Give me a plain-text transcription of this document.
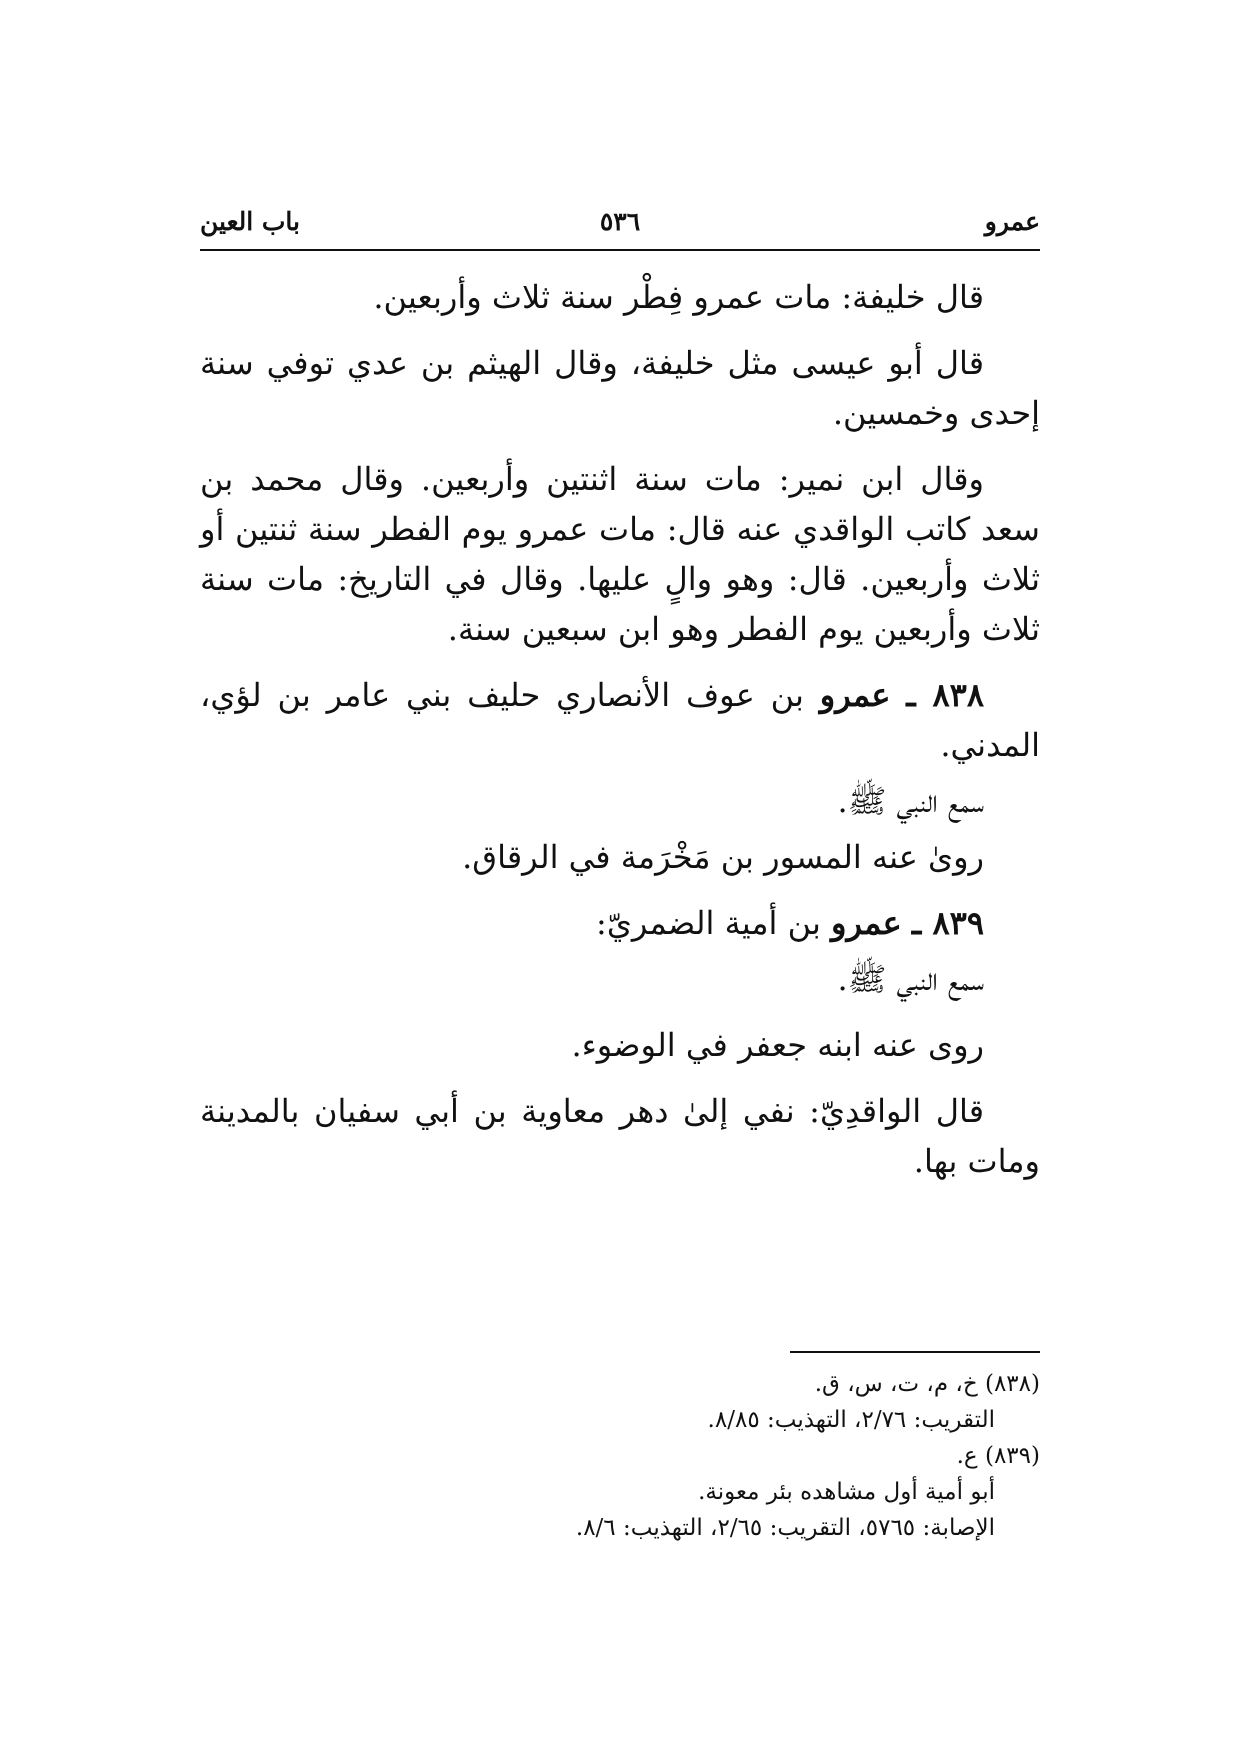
عمرو
٥٣٦
باب العين

قال خليفة: مات عمرو فِطْر سنة ثلاث وأربعين.

قال أبو عيسى مثل خليفة، وقال الهيثم بن عدي توفي سنة إحدى وخمسين.

وقال ابن نمير: مات سنة اثنتين وأربعين. وقال محمد بن سعد كاتب الواقدي عنه قال: مات عمرو يوم الفطر سنة ثنتين أو ثلاث وأربعين. قال: وهو والٍ عليها. وقال في التاريخ: مات سنة ثلاث وأربعين يوم الفطر وهو ابن سبعين سنة.

٨٣٨ ـ عمرو بن عوف الأنصاري حليف بني عامر بن لؤي، المدني.

سمع النبي ﷺ.

روىٰ عنه المسور بن مَخْرَمة في الرقاق.

٨٣٩ ـ عمرو بن أمية الضمريّ:

سمع النبي ﷺ.

روى عنه ابنه جعفر في الوضوء.

قال الواقدِيّ: نفي إلىٰ دهر معاوية بن أبي سفيان بالمدينة ومات بها.

(٨٣٨) خ، م، ت، س، ق.
التقريب: ٢/٧٦، التهذيب: ٨/٨٥.
(٨٣٩) ع.
أبو أمية أول مشاهده بئر معونة.
الإصابة: ٥٧٦٥، التقريب: ٢/٦٥، التهذيب: ٨/٦.
